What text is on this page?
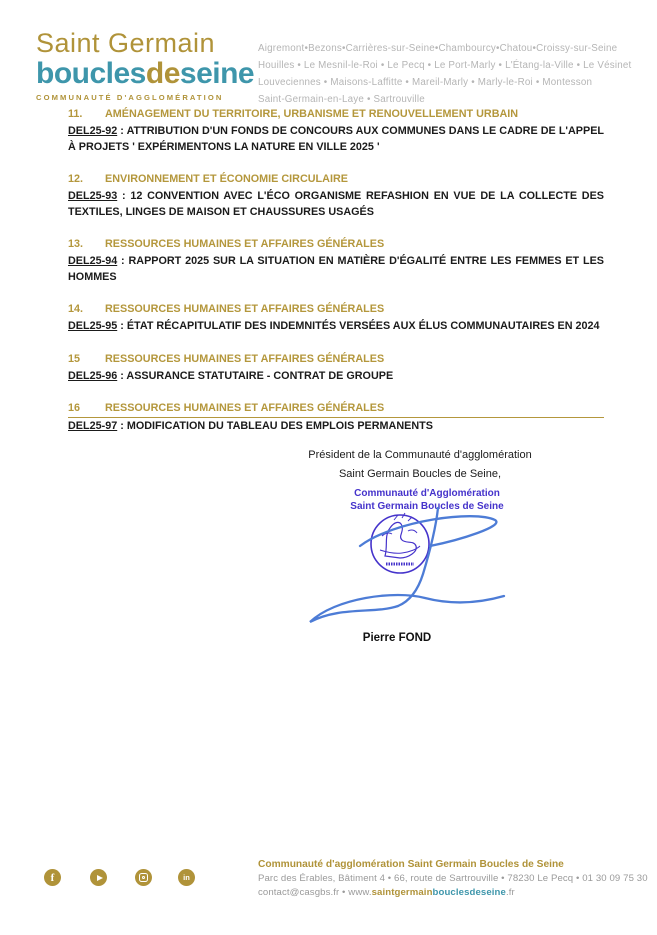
Saint Germain
bouclesdeseine
COMMUNAUTÉ D'AGGLOMÉRATION
Aigremont•Bezons•Carrières-sur-Seine•Chambourcy•Chatou•Croissy-sur-Seine
Houilles • Le Mesnil-le-Roi • Le Pecq • Le Port-Marly • L'Étang-la-Ville • Le Vésinet
Louveciennes • Maisons-Laffitte • Mareil-Marly • Marly-le-Roi • Montesson
Saint-Germain-en-Laye • Sartrouville
11. AMÉNAGEMENT DU TERRITOIRE, URBANISME ET RENOUVELLEMENT URBAIN
DEL25-92 : ATTRIBUTION D'UN FONDS DE CONCOURS AUX COMMUNES DANS LE CADRE DE L'APPEL À PROJETS ' EXPÉRIMENTONS LA NATURE EN VILLE 2025 '
12. ENVIRONNEMENT ET ÉCONOMIE CIRCULAIRE
DEL25-93 : 12 CONVENTION AVEC L'ÉCO ORGANISME REFASHION EN VUE DE LA COLLECTE DES TEXTILES, LINGES DE MAISON ET CHAUSSURES USAGÉS
13. RESSOURCES HUMAINES ET AFFAIRES GÉNÉRALES
DEL25-94 : RAPPORT 2025 SUR LA SITUATION EN MATIÈRE D'ÉGALITÉ ENTRE LES FEMMES ET LES HOMMES
14. RESSOURCES HUMAINES ET AFFAIRES GÉNÉRALES
DEL25-95 : ÉTAT RÉCAPITULATIF DES INDEMNITÉS VERSÉES AUX ÉLUS COMMUNAUTAIRES EN 2024
15 RESSOURCES HUMAINES ET AFFAIRES GÉNÉRALES
DEL25-96 : ASSURANCE STATUTAIRE - CONTRAT DE GROUPE
16 RESSOURCES HUMAINES ET AFFAIRES GÉNÉRALES
DEL25-97 : MODIFICATION DU TABLEAU DES EMPLOIS PERMANENTS
Président de la Communauté d'agglomération
Saint Germain Boucles de Seine,
Communauté d'Agglomération
Saint Germain Boucles de Seine
Pierre FOND
f	in
Communauté d'agglomération Saint Germain Boucles de Seine
Parc des Érables, Bâtiment 4 • 66, route de Sartrouville • 78230 Le Pecq • 01 30 09 75 30
contact@casgbs.fr • www.saintgermainbouclesdeseine.fr
